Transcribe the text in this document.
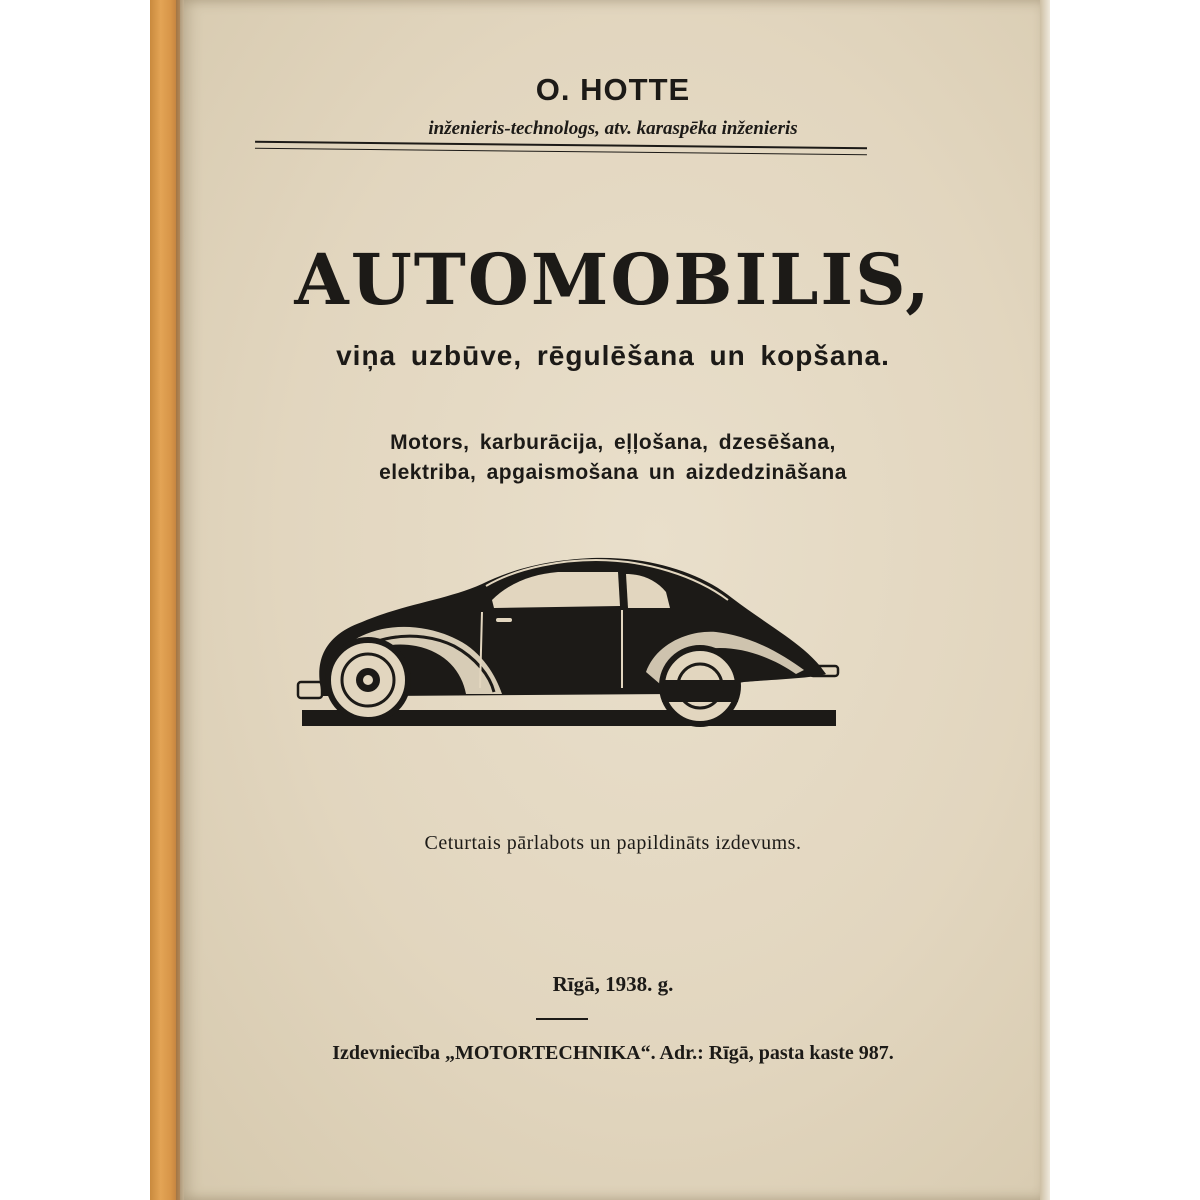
O. HOTTE
inženieris-technologs, atv. karaspēka inženieris
AUTOMOBILIS,
viņa uzbūve, rēgulēšana un kopšana.
Motors, karburācija, eļļošana, dzesēšana,
elektriba, apgaismošana un aizdedzināšana
Ceturtais pārlabots un papildināts izdevums.
Rīgā, 1938. g.
Izdevniecība „MOTORTECHNIKA“. Adr.: Rīgā, pasta kaste 987.
